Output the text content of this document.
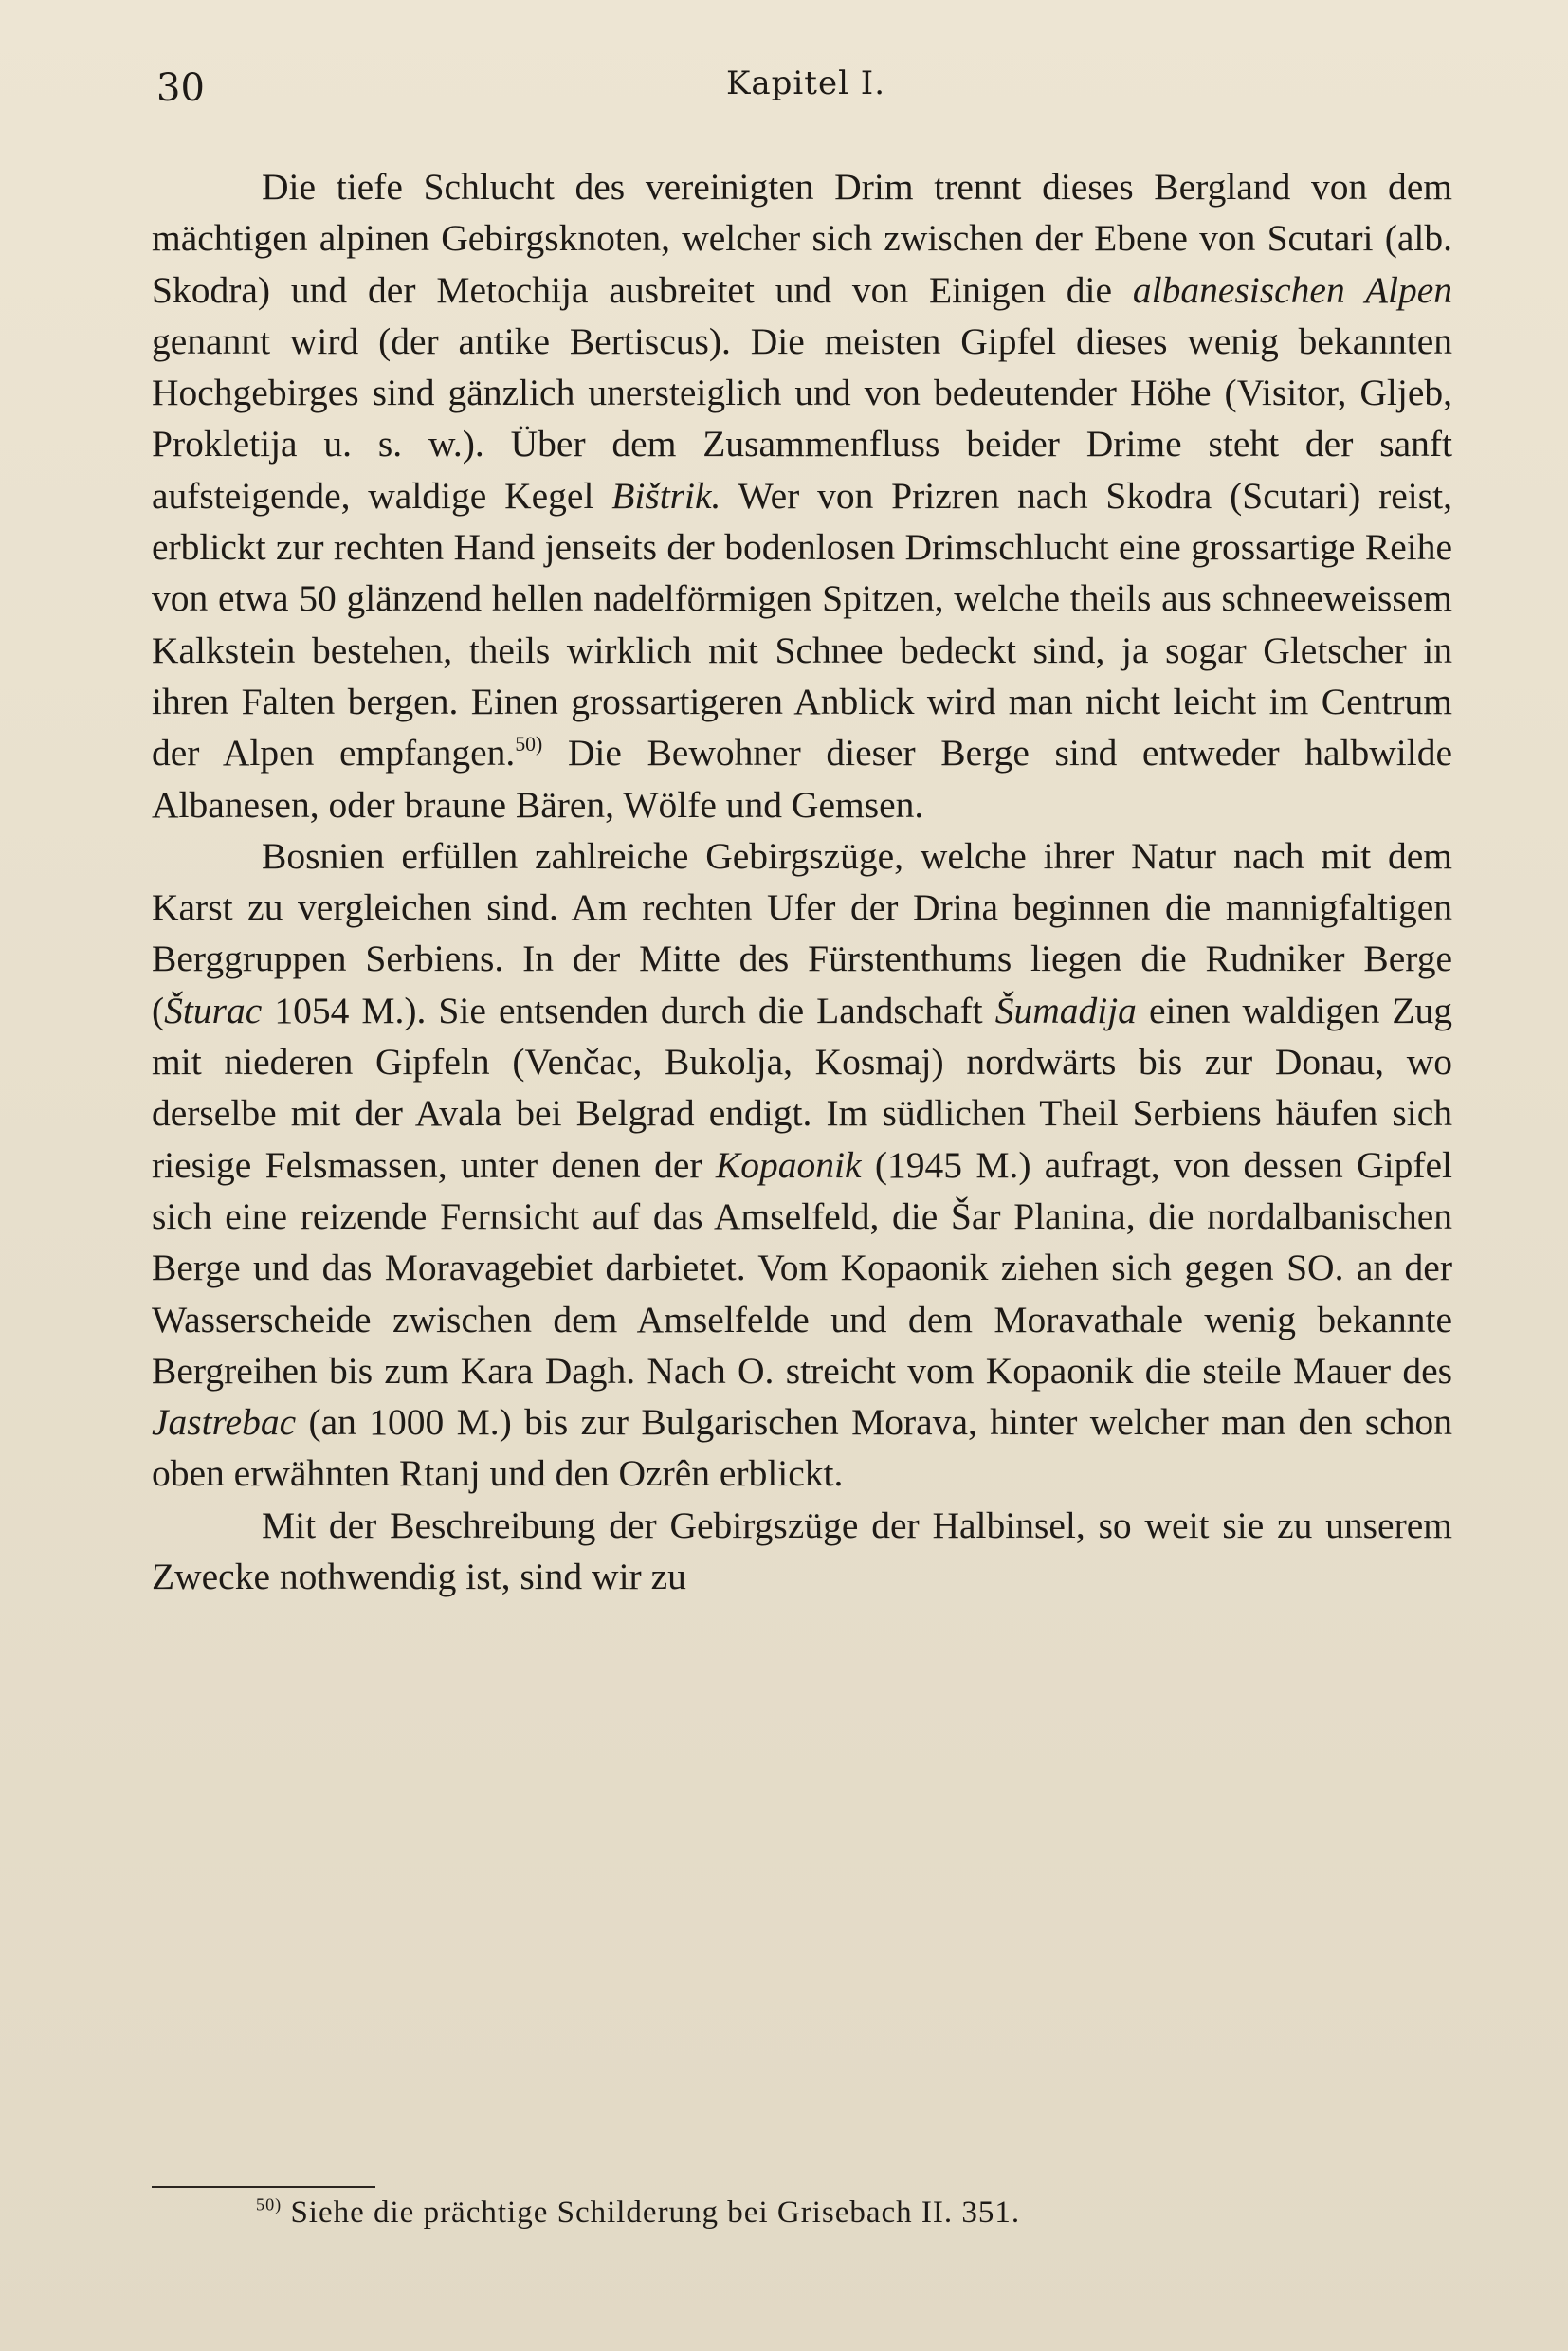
30	Kapitel I.

Die tiefe Schlucht des vereinigten Drim trennt dieses Bergland von dem mächtigen alpinen Gebirgsknoten, welcher sich zwischen der Ebene von Scutari (alb. Skodra) und der Metochija ausbreitet und von Einigen die albanesischen Alpen genannt wird (der antike Bertiscus). Die meisten Gipfel dieses wenig bekannten Hochgebirges sind gänzlich unersteiglich und von bedeutender Höhe (Visitor, Gljeb, Prokletija u. s. w.). Über dem Zusammenfluss beider Drime steht der sanft aufsteigende, waldige Kegel Bištrik. Wer von Prizren nach Skodra (Scutari) reist, erblickt zur rechten Hand jenseits der bodenlosen Drimschlucht eine grossartige Reihe von etwa 50 glänzend hellen nadelförmigen Spitzen, welche theils aus schneeweissem Kalkstein bestehen, theils wirklich mit Schnee bedeckt sind, ja sogar Gletscher in ihren Falten bergen. Einen grossartigeren Anblick wird man nicht leicht im Centrum der Alpen empfangen.$^{50)}$ Die Bewohner dieser Berge sind entweder halbwilde Albanesen, oder braune Bären, Wölfe und Gemsen.

Bosnien erfüllen zahlreiche Gebirgszüge, welche ihrer Natur nach mit dem Karst zu vergleichen sind. Am rechten Ufer der Drina beginnen die mannigfaltigen Berggruppen Serbiens. In der Mitte des Fürstenthums liegen die Rudniker Berge (Šturac 1054 M.). Sie entsenden durch die Landschaft Šumadija einen waldigen Zug mit niederen Gipfeln (Venčac, Bukolja, Kosmaj) nordwärts bis zur Donau, wo derselbe mit der Avala bei Belgrad endigt. Im südlichen Theil Serbiens häufen sich riesige Felsmassen, unter denen der Kopaonik (1945 M.) aufragt, von dessen Gipfel sich eine reizende Fernsicht auf das Amselfeld, die Šar Planina, die nordalbanischen Berge und das Moravagebiet darbietet. Vom Kopaonik ziehen sich gegen SO. an der Wasserscheide zwischen dem Amselfelde und dem Moravathale wenig bekannte Bergreihen bis zum Kara Dagh. Nach O. streicht vom Kopaonik die steile Mauer des Jastrebac (an 1000 M.) bis zur Bulgarischen Morava, hinter welcher man den schon oben erwähnten Rtanj und den Ozrên erblickt.

Mit der Beschreibung der Gebirgszüge der Halbinsel, so weit sie zu unserem Zwecke nothwendig ist, sind wir zu

$^{50)}$ Siehe die prächtige Schilderung bei Grisebach II. 351.
